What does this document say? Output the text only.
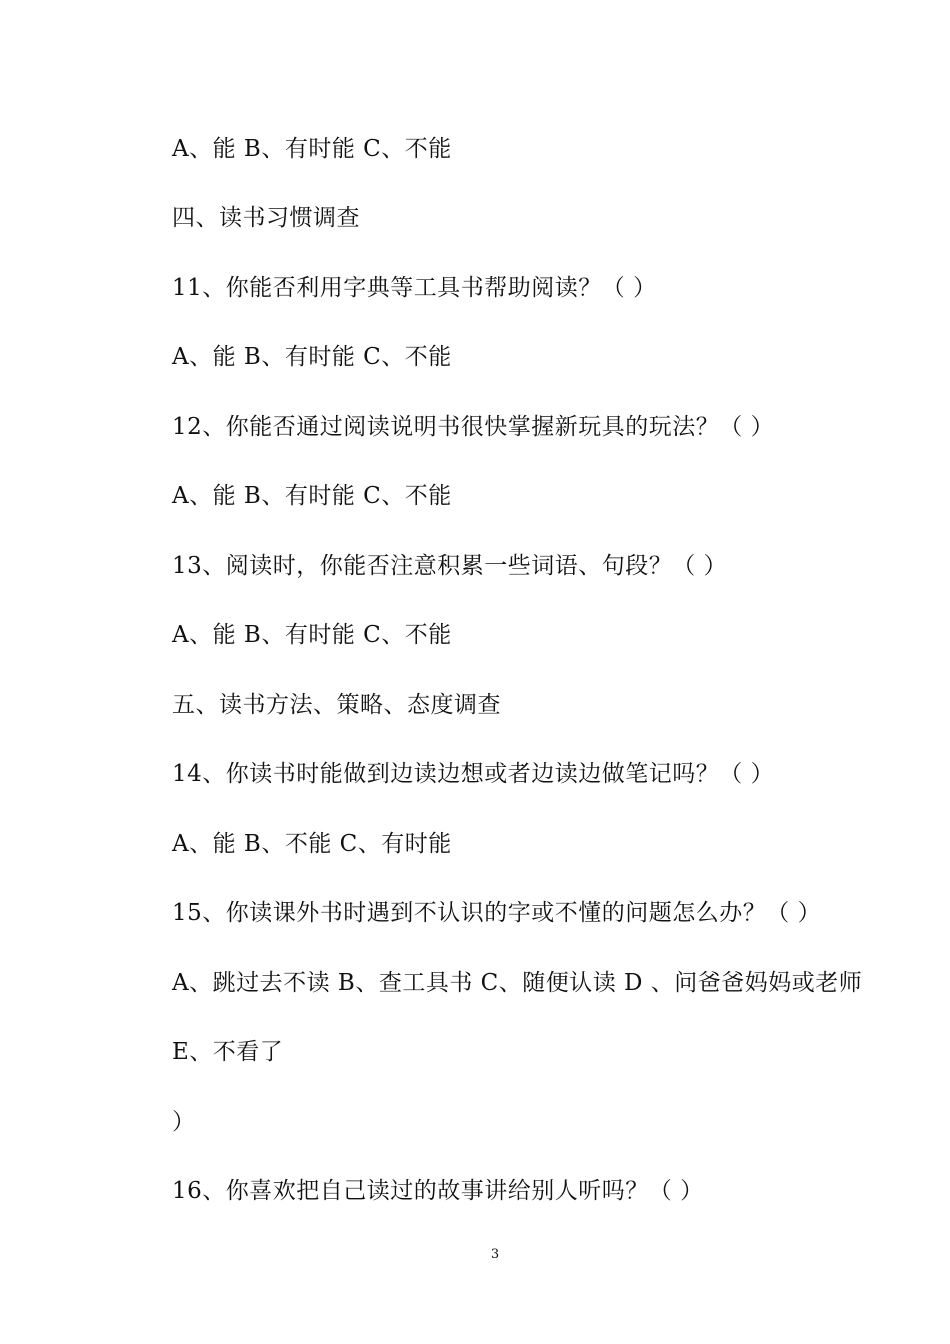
A、能 B、有时能 C、不能
四、读书习惯调查
11、你能否利用字典等工具书帮助阅读？（ ）
A、能 B、有时能 C、不能
12、你能否通过阅读说明书很快掌握新玩具的玩法？（ ）
A、能 B、有时能 C、不能
13、阅读时，你能否注意积累一些词语、句段？（ ）
A、能 B、有时能 C、不能
五、读书方法、策略、态度调查
14、你读书时能做到边读边想或者边读边做笔记吗？（ ）
A、能 B、不能 C、有时能
15、你读课外书时遇到不认识的字或不懂的问题怎么办？（ ）
A、跳过去不读 B、查工具书 C、随便认读 D 、问爸爸妈妈或老师
E、不看了
）
16、你喜欢把自己读过的故事讲给别人听吗？（ ）
3
